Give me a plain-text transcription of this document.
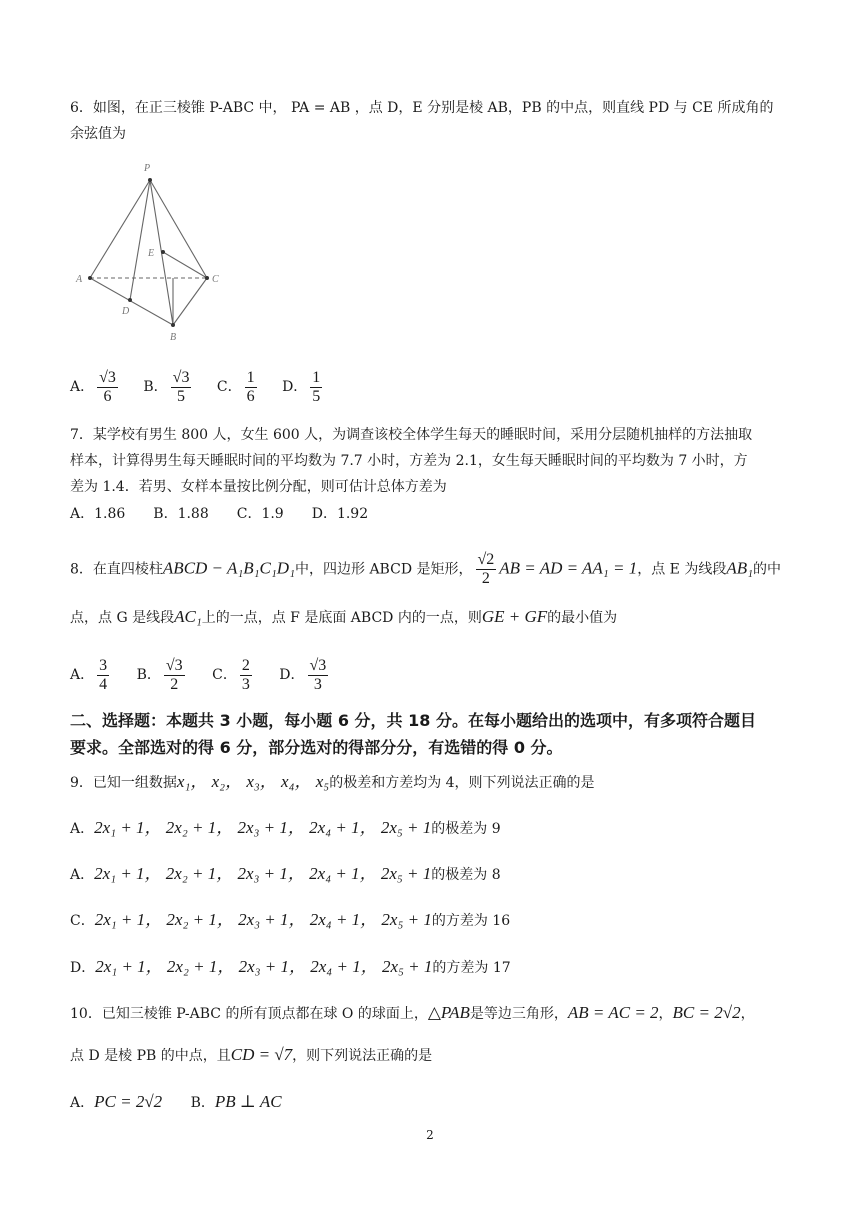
6．如图，在正三棱锥 P-ABC 中， PA = AB ，点 D，E 分别是棱 AB，PB 的中点，则直线 PD 与 CE 所成角的
余弦值为
P
A	C
B
D
E
A． $\frac{√3}{6}$ B． $\frac{√3}{5}$ C． $\frac{1}{6}$ D． $\frac{1}{5}$
7．某学校有男生 800 人，女生 600 人，为调查该校全体学生每天的睡眠时间，采用分层随机抽样的方法抽取
样本，计算得男生每天睡眠时间的平均数为 7.7 小时，方差为 2.1，女生每天睡眠时间的平均数为 7 小时，方
差为 1.4．若男、女样本量按比例分配，则可估计总体方差为
A．1.86　　B．1.88　　C．1.9　　D．1.92
8．在直四棱柱ABCD − A₁B₁C₁D₁中，四边形 ABCD 是矩形， $\frac{√2}{2}$ AB = AD = AA₁ = 1，点 E 为线段AB₁的中
点，点 G 是线段AC₁上的一点，点 F 是底面 ABCD 内的一点，则GE + GF的最小值为
A． $\frac{3}{4}$ B． $\frac{√3}{2}$ C． $\frac{2}{3}$ D． $\frac{√3}{3}$
二、选择题：本题共 3 小题，每小题 6 分，共 18 分。在每小题给出的选项中，有多项符合题目
要求。全部选对的得 6 分，部分选对的得部分分，有选错的得 0 分。
9．已知一组数据x₁， x₂， x₃， x₄， x₅的极差和方差均为 4，则下列说法正确的是
A．2x₁ + 1， 2x₂ + 1， 2x₃ + 1， 2x₄ + 1， 2x₅ + 1的极差为 9
A．2x₁ + 1， 2x₂ + 1， 2x₃ + 1， 2x₄ + 1， 2x₅ + 1的极差为 8
C．2x₁ + 1， 2x₂ + 1， 2x₃ + 1， 2x₄ + 1， 2x₅ + 1的方差为 16
D．2x₁ + 1， 2x₂ + 1， 2x₃ + 1， 2x₄ + 1， 2x₅ + 1的方差为 17
10．已知三棱锥 P-ABC 的所有顶点都在球 O 的球面上，△PAB是等边三角形，AB = AC = 2，BC = 2√2，
点 D 是棱 PB 的中点，且CD = √7，则下列说法正确的是
A．PC = 2√2 B．PB ⊥ AC
2
